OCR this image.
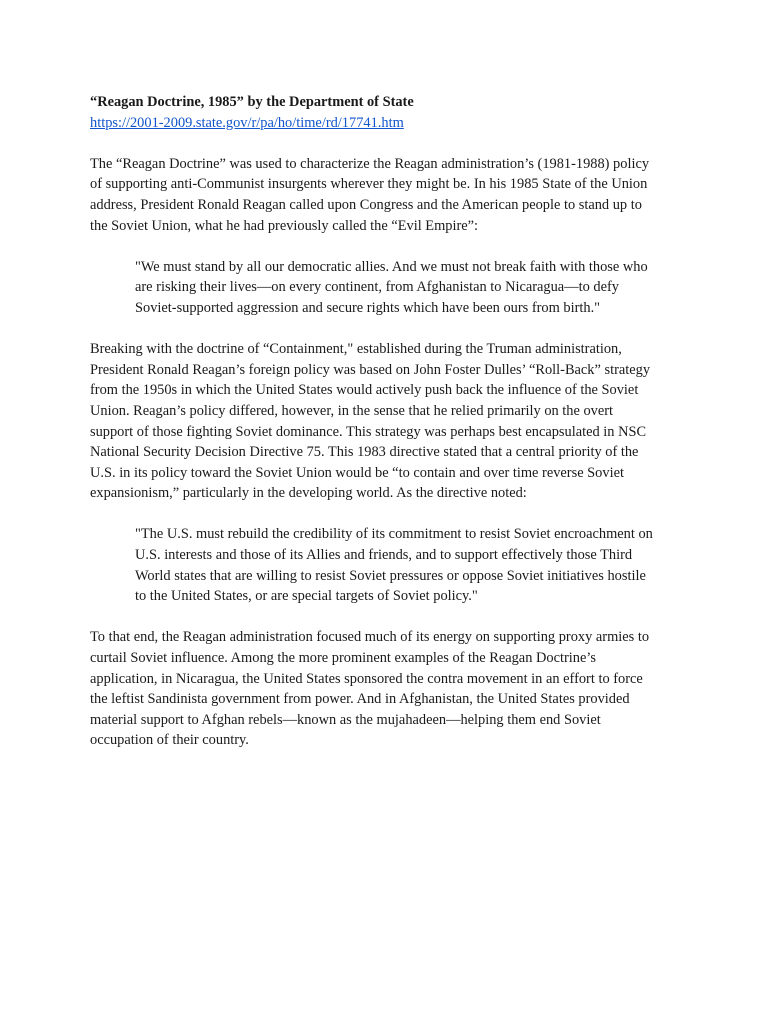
“Reagan Doctrine, 1985” by the Department of State

https://2001-2009.state.gov/r/pa/ho/time/rd/17741.htm

The “Reagan Doctrine” was used to characterize the Reagan administration’s (1981-1988) policy
of supporting anti-Communist insurgents wherever they might be. In his 1985 State of the Union
address, President Ronald Reagan called upon Congress and the American people to stand up to
the Soviet Union, what he had previously called the “Evil Empire”:

"We must stand by all our democratic allies. And we must not break faith with those who
are risking their lives—on every continent, from Afghanistan to Nicaragua—to defy
Soviet-supported aggression and secure rights which have been ours from birth."

Breaking with the doctrine of “Containment," established during the Truman administration,
President Ronald Reagan’s foreign policy was based on John Foster Dulles’ “Roll-Back” strategy
from the 1950s in which the United States would actively push back the influence of the Soviet
Union. Reagan’s policy differed, however, in the sense that he relied primarily on the overt
support of those fighting Soviet dominance. This strategy was perhaps best encapsulated in NSC
National Security Decision Directive 75. This 1983 directive stated that a central priority of the
U.S. in its policy toward the Soviet Union would be “to contain and over time reverse Soviet
expansionism,” particularly in the developing world. As the directive noted:

"The U.S. must rebuild the credibility of its commitment to resist Soviet encroachment on
U.S. interests and those of its Allies and friends, and to support effectively those Third
World states that are willing to resist Soviet pressures or oppose Soviet initiatives hostile
to the United States, or are special targets of Soviet policy."

To that end, the Reagan administration focused much of its energy on supporting proxy armies to
curtail Soviet influence. Among the more prominent examples of the Reagan Doctrine’s
application, in Nicaragua, the United States sponsored the contra movement in an effort to force
the leftist Sandinista government from power. And in Afghanistan, the United States provided
material support to Afghan rebels—known as the mujahadeen—helping them end Soviet
occupation of their country.
